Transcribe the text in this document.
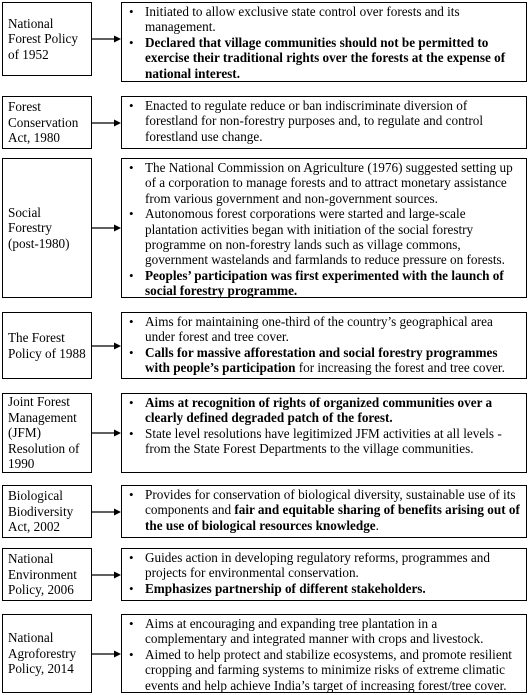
National Forest Policy of 1952
• Initiated to allow exclusive state control over forests and its management.
• Declared that village communities should not be permitted to exercise their traditional rights over the forests at the expense of national interest.
Forest Conservation Act, 1980
• Enacted to regulate reduce or ban indiscriminate diversion of forestland for non-forestry purposes and, to regulate and control forestland use change.
Social Forestry (post-1980)
• The National Commission on Agriculture (1976) suggested setting up of a corporation to manage forests and to attract monetary assistance from various government and non-government sources.
• Autonomous forest corporations were started and large-scale plantation activities began with initiation of the social forestry programme on non-forestry lands such as village commons, government wastelands and farmlands to reduce pressure on forests.
• Peoples’ participation was first experimented with the launch of social forestry programme.
The Forest Policy of 1988
• Aims for maintaining one-third of the country’s geographical area under forest and tree cover.
• Calls for massive afforestation and social forestry programmes with people’s participation for increasing the forest and tree cover.
Joint Forest Management (JFM) Resolution of 1990
• Aims at recognition of rights of organized communities over a clearly defined degraded patch of the forest.
• State level resolutions have legitimized JFM activities at all levels - from the State Forest Departments to the village communities.
Biological Biodiversity Act, 2002
• Provides for conservation of biological diversity, sustainable use of its components and fair and equitable sharing of benefits arising out of the use of biological resources knowledge.
National Environment Policy, 2006
• Guides action in developing regulatory reforms, programmes and projects for environmental conservation.
• Emphasizes partnership of different stakeholders.
National Agroforestry Policy, 2014
• Aims at encouraging and expanding tree plantation in a complementary and integrated manner with crops and livestock.
• Aimed to help protect and stabilize ecosystems, and promote resilient cropping and farming systems to minimize risks of extreme climatic events and help achieve India’s target of increasing forest/tree cover.
